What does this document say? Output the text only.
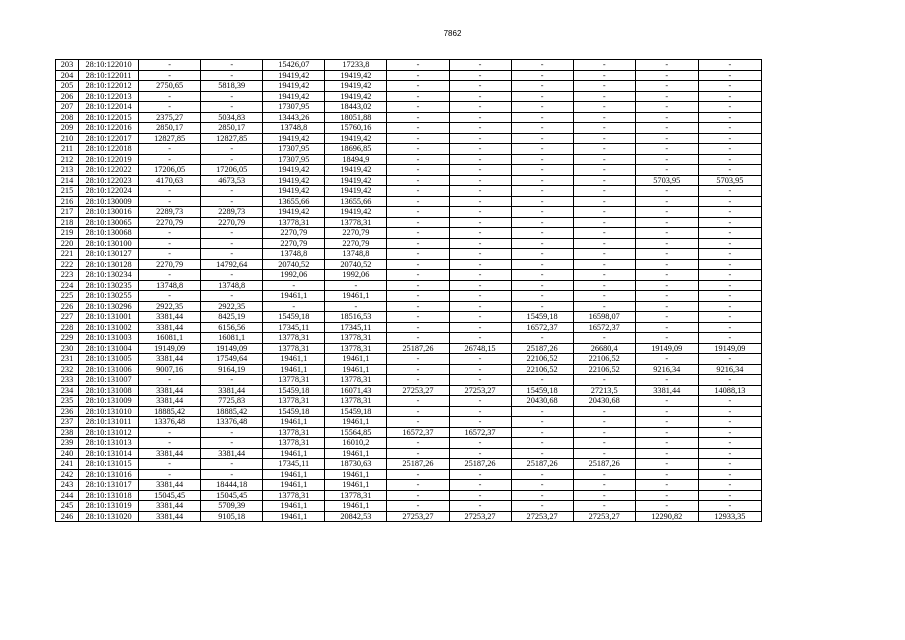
7862
203	28:10:122010	-	-	15426,07	17233,8	-	-	-	-	-	-
204	28:10:122011	-	-	19419,42	19419,42	-	-	-	-	-	-
205	28:10:122012	2750,65	5818,39	19419,42	19419,42	-	-	-	-	-	-
206	28:10:122013	-	-	19419,42	19419,42	-	-	-	-	-	-
207	28:10:122014	-	-	17307,95	18443,02	-	-	-	-	-	-
208	28:10:122015	2375,27	5034,83	13443,26	18051,88	-	-	-	-	-	-
209	28:10:122016	2850,17	2850,17	13748,8	15760,16	-	-	-	-	-	-
210	28:10:122017	12827,85	12827,85	19419,42	19419,42	-	-	-	-	-	-
211	28:10:122018	-	-	17307,95	18696,85	-	-	-	-	-	-
212	28:10:122019	-	-	17307,95	18494,9	-	-	-	-	-	-
213	28:10:122022	17206,05	17206,05	19419,42	19419,42	-	-	-	-	-	-
214	28:10:122023	4170,63	4673,53	19419,42	19419,42	-	-	-	-	5703,95	5703,95
215	28:10:122024	-	-	19419,42	19419,42	-	-	-	-	-	-
216	28:10:130009	-	-	13655,66	13655,66	-	-	-	-	-	-
217	28:10:130016	2289,73	2289,73	19419,42	19419,42	-	-	-	-	-	-
218	28:10:130065	2270,79	2270,79	13778,31	13778,31	-	-	-	-	-	-
219	28:10:130068	-	-	2270,79	2270,79	-	-	-	-	-	-
220	28:10:130100	-	-	2270,79	2270,79	-	-	-	-	-	-
221	28:10:130127	-	-	13748,8	13748,8	-	-	-	-	-	-
222	28:10:130128	2270,79	14792,64	20740,52	20740,52	-	-	-	-	-	-
223	28:10:130234	-	-	1992,06	1992,06	-	-	-	-	-	-
224	28:10:130235	13748,8	13748,8	-	-	-	-	-	-	-	-
225	28:10:130255	-	-	19461,1	19461,1	-	-	-	-	-	-
226	28:10:130296	2922,35	2922,35	-	-	-	-	-	-	-	-
227	28:10:131001	3381,44	8425,19	15459,18	18516,53	-	-	15459,18	16598,07	-	-
228	28:10:131002	3381,44	6156,56	17345,11	17345,11	-	-	16572,37	16572,37	-	-
229	28:10:131003	16081,1	16081,1	13778,31	13778,31	-	-	-	-	-	-
230	28:10:131004	19149,09	19149,09	13778,31	13778,31	25187,26	26748,15	25187,26	26680,4	19149,09	19149,09
231	28:10:131005	3381,44	17549,64	19461,1	19461,1	-	-	22106,52	22106,52	-	-
232	28:10:131006	9007,16	9164,19	19461,1	19461,1	-	-	22106,52	22106,52	9216,34	9216,34
233	28:10:131007	-	-	13778,31	13778,31	-	-	-	-	-	-
234	28:10:131008	3381,44	3381,44	15459,18	16071,43	27253,27	27253,27	15459,18	27213,5	3381,44	14088,13
235	28:10:131009	3381,44	7725,83	13778,31	13778,31	-	-	20430,68	20430,68	-	-
236	28:10:131010	18885,42	18885,42	15459,18	15459,18	-	-	-	-	-	-
237	28:10:131011	13376,48	13376,48	19461,1	19461,1	-	-	-	-	-	-
238	28:10:131012	-	-	13778,31	15564,85	16572,37	16572,37	-	-	-	-
239	28:10:131013	-	-	13778,31	16010,2	-	-	-	-	-	-
240	28:10:131014	3381,44	3381,44	19461,1	19461,1	-	-	-	-	-	-
241	28:10:131015	-	-	17345,11	18730,63	25187,26	25187,26	25187,26	25187,26	-	-
242	28:10:131016	-	-	19461,1	19461,1	-	-	-	-	-	-
243	28:10:131017	3381,44	18444,18	19461,1	19461,1	-	-	-	-	-	-
244	28:10:131018	15045,45	15045,45	13778,31	13778,31	-	-	-	-	-	-
245	28:10:131019	3381,44	5709,39	19461,1	19461,1	-	-	-	-	-	-
246	28:10:131020	3381,44	9105,18	19461,1	20842,53	27253,27	27253,27	27253,27	27253,27	12290,82	12933,35
